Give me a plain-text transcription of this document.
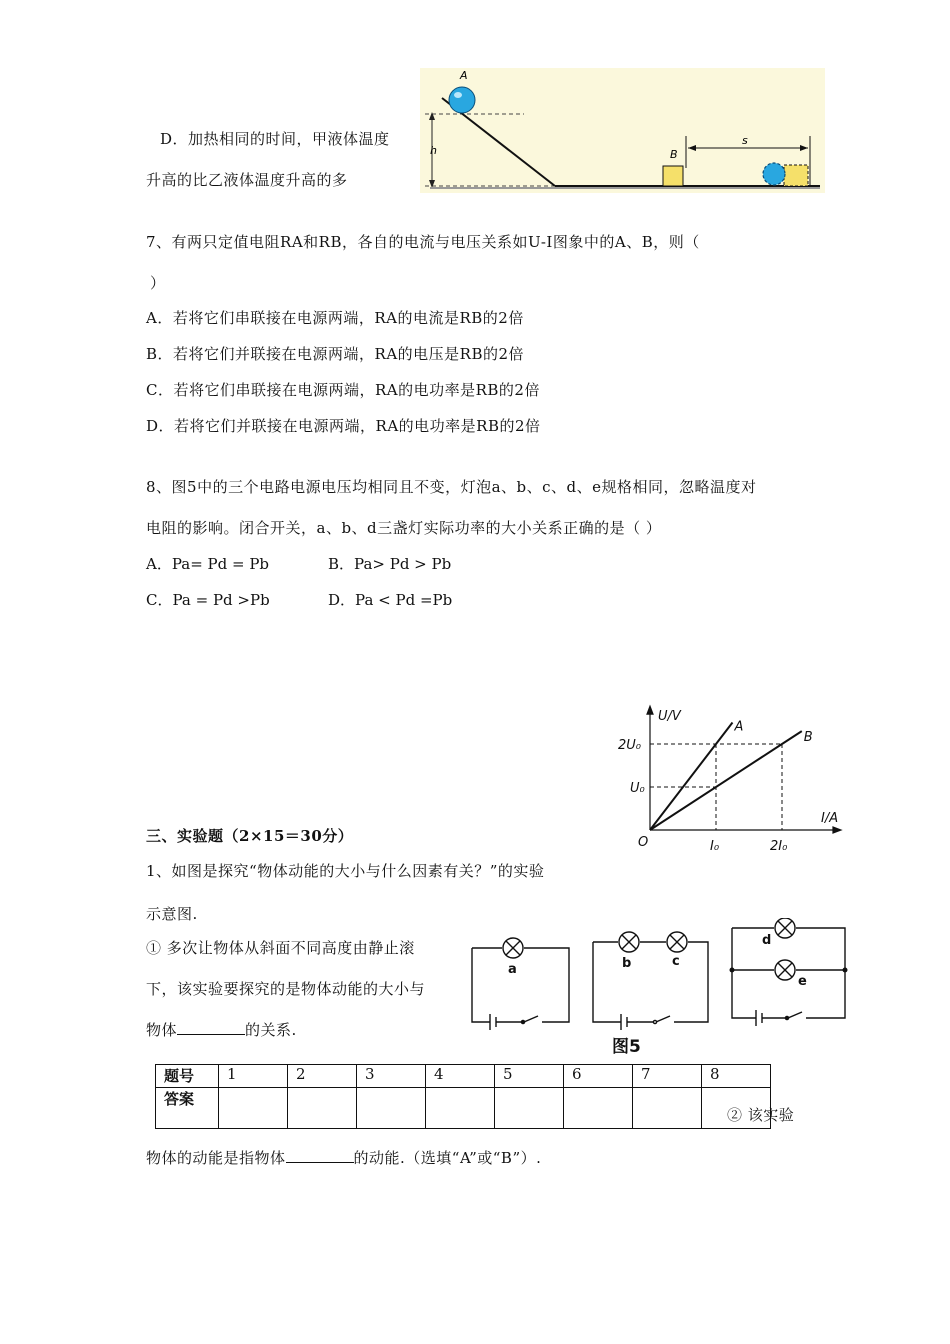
D．加热相同的时间，甲液体温度
升高的比乙液体温度升高的多
h
A
B
s
7、有两只定值电阻RA和RB，各自的电流与电压关系如U-I图象中的A、B，则（
）
A．若将它们串联接在电源两端，RA的电流是RB的2倍
B．若将它们并联接在电源两端，RA的电压是RB的2倍
C．若将它们串联接在电源两端，RA的电功率是RB的2倍
D．若将它们并联接在电源两端，RA的电功率是RB的2倍
8、图5中的三个电路电源电压均相同且不变，灯泡a、b、c、d、e规格相同，忽略温度对
电阻的影响。闭合开关，a、b、d三盏灯实际功率的大小关系正确的是（ ）
A．Pa= Pd = Pb	B．Pa> Pd > Pb
C．Pa = Pd >Pb	D．Pa < Pd =Pb
A
B
U/V
I/A
O
U₀
2U₀
I₀	2I₀
三、实验题（2×15＝30分）
1、如图是探究“物体动能的大小与什么因素有关？”的实验
示意图.
① 多次让物体从斜面不同高度由静止滚
下，该实验要探究的是物体动能的大小与
物体	的关系.
a	b	c
d
e
图5
题号	1	2	3	4	5	6	7	8
答案								
② 该实验
物体的动能是指物体	的动能.（选填“A”或“B”）.
